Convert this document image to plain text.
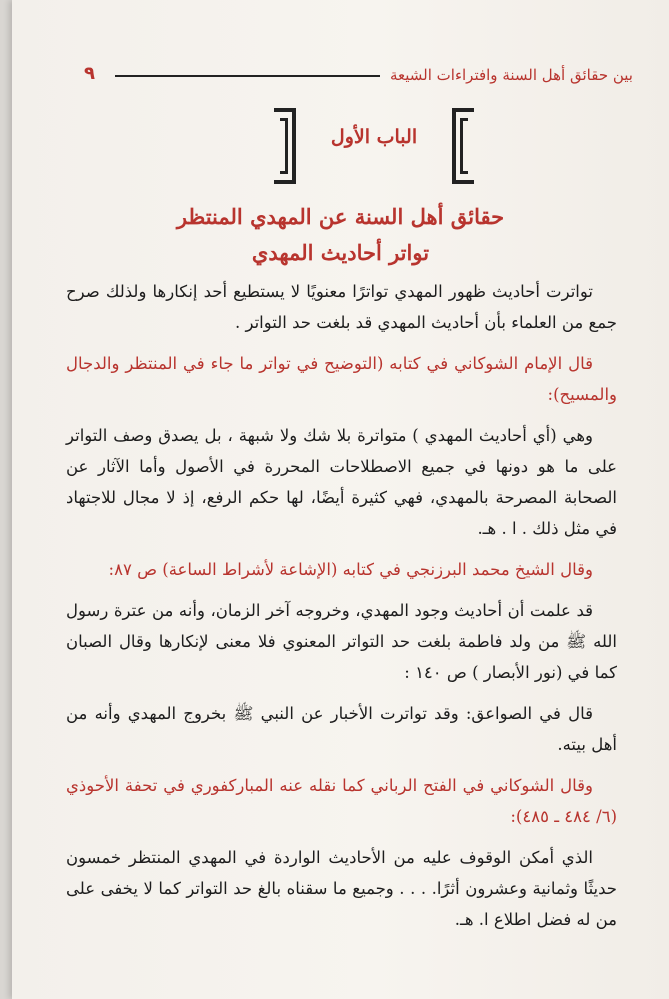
٩	بين حقائق أهل السنة وافتراءات الشيعة
الباب الأول
حقائق أهل السنة عن المهدي المنتظر
تواتر أحاديث المهدي

تواترت أحاديث ظهور المهدي تواترًا معنويًا لا يستطيع أحد إنكارها ولذلك صرح جمع من العلماء بأن أحاديث المهدي قد بلغت حد التواتر .

قال الإمام الشوكاني في كتابه (التوضيح في تواتر ما جاء في المنتظر والدجال والمسيح):

وهي (أي أحاديث المهدي ) متواترة بلا شك ولا شبهة ، بل يصدق وصف التواتر على ما هو دونها في جميع الاصطلاحات المحررة في الأصول وأما الآثار عن الصحابة المصرحة بالمهدي، فهي كثيرة أيضًا، لها حكم الرفع، إذ لا مجال للاجتهاد في مثل ذلك . ا . هـ.

وقال الشيخ محمد البرزنجي في كتابه (الإشاعة لأشراط الساعة) ص ٨٧:

قد علمت أن أحاديث وجود المهدي، وخروجه آخر الزمان، وأنه من عترة رسول الله ﷺ من ولد فاطمة بلغت حد التواتر المعنوي فلا معنى لإنكارها وقال الصبان كما في (نور الأبصار ) ص ١٤٠ :

قال في الصواعق: وقد تواترت الأخبار عن النبي ﷺ بخروج المهدي وأنه من أهل بيته.

وقال الشوكاني في الفتح الرباني كما نقله عنه المباركفوري في تحفة الأحوذي (٦/ ٤٨٤ ـ ٤٨٥):

الذي أمكن الوقوف عليه من الأحاديث الواردة في المهدي المنتظر خمسون حديثًا وثمانية وعشرون أثرًا. . . . وجميع ما سقناه بالغ حد التواتر كما لا يخفى على من له فضل اطلاع ا. هـ.
